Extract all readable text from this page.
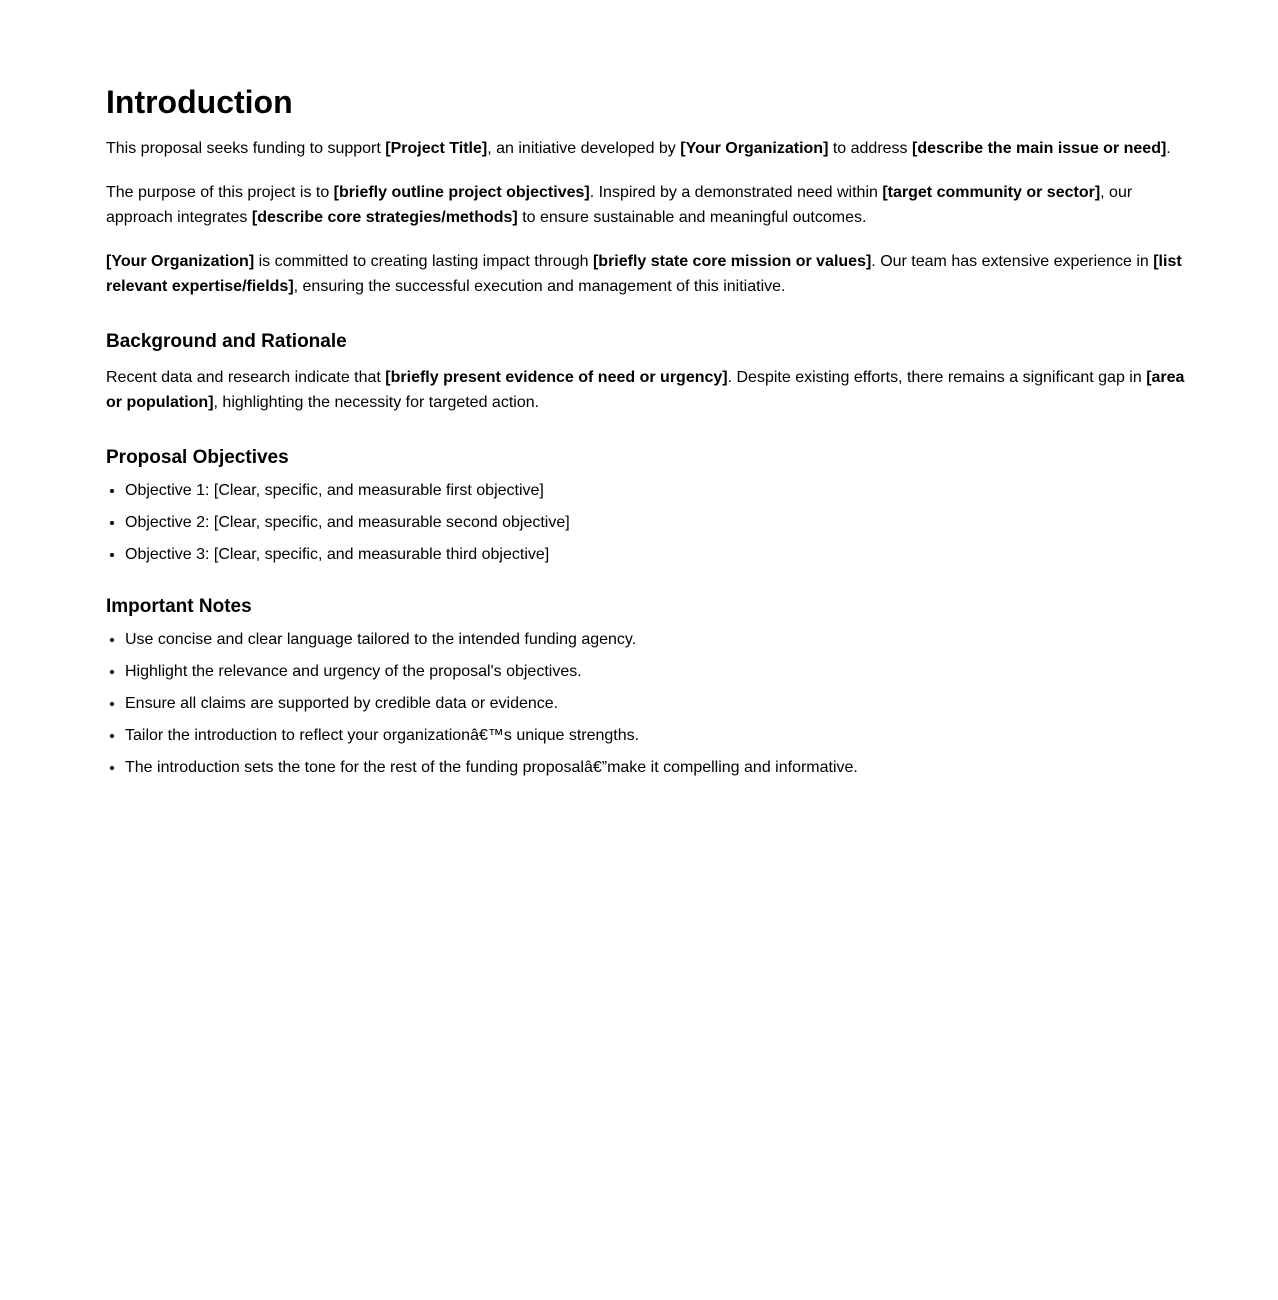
Introduction

This proposal seeks funding to support [Project Title], an initiative developed by [Your Organization] to address [describe the main issue or need].

The purpose of this project is to [briefly outline project objectives]. Inspired by a demonstrated need within [target community or sector], our approach integrates [describe core strategies/methods] to ensure sustainable and meaningful outcomes.

[Your Organization] is committed to creating lasting impact through [briefly state core mission or values]. Our team has extensive experience in [list relevant expertise/fields], ensuring the successful execution and management of this initiative.

Background and Rationale

Recent data and research indicate that [briefly present evidence of need or urgency]. Despite existing efforts, there remains a significant gap in [area or population], highlighting the necessity for targeted action.

Proposal Objectives
• Objective 1: [Clear, specific, and measurable first objective]
• Objective 2: [Clear, specific, and measurable second objective]
• Objective 3: [Clear, specific, and measurable third objective]
Important Notes
• Use concise and clear language tailored to the intended funding agency.
• Highlight the relevance and urgency of the proposal's objectives.
• Ensure all claims are supported by credible data or evidence.
• Tailor the introduction to reflect your organizationâ€™s unique strengths.
• The introduction sets the tone for the rest of the funding proposalâ€”make it compelling and informative.
